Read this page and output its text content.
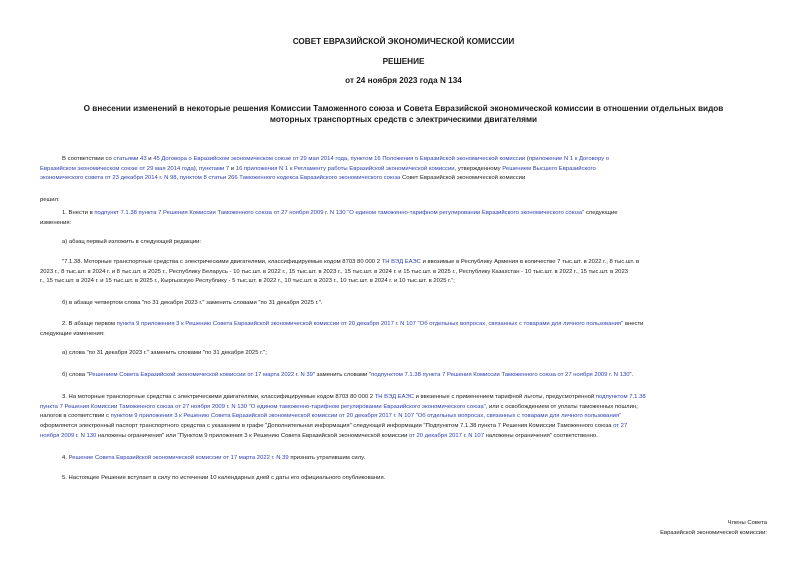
СОВЕТ ЕВРАЗИЙСКОЙ ЭКОНОМИЧЕСКОЙ КОМИССИИ
РЕШЕНИЕ
от 24 ноября 2023 года N 134
О внесении изменений в некоторые решения Комиссии Таможенного союза и Совета Евразийской экономической комиссии в отношении отдельных видов
моторных транспортных средств с электрическими двигателями

В соответствии со статьями 43 и 45 Договора о Евразийском экономическом союзе от 29 мая 2014 года, пунктом 16 Положения о Евразийской экономической комиссии (приложение N 1 к Договору о
Евразийском экономическом союзе от 29 мая 2014 года), пунктами 7 и 16 приложения N 1 к Регламенту работы Евразийской экономической комиссии, утвержденному Решением Высшего Евразийского
экономического совета от 23 декабря 2014 г. N 98, пунктом 8 статьи 266 Таможенного кодекса Евразийского экономического союза Совет Евразийской экономической комиссии

решил:

1. Внести в подпункт 7.1.38 пункта 7 Решения Комиссии Таможенного союза от 27 ноября 2009 г. N 130 "О едином таможенно-тарифном регулировании Евразийского экономического союза" следующие
изменения:

а) абзац первый изложить в следующей редакции:

"7.1.38. Моторные транспортные средства с электрическими двигателями, классифицируемые кодом 8703 80 000 2 ТН ВЭД ЕАЭС и ввозимые в Республику Армения в количестве 7 тыс.шт. в 2022 г., 8 тыс.шт. в
2023 г., 8 тыс.шт. в 2024 г. и 8 тыс.шт. в 2025 г., Республику Беларусь - 10 тыс.шт. в 2022 г., 15 тыс.шт. в 2023 г., 15 тыс.шт. в 2024 г. и 15 тыс.шт. в 2025 г., Республику Казахстан - 10 тыс.шт. в 2022 г., 15 тыс.шт. в 2023
г., 15 тыс.шт. в 2024 г. и 15 тыс.шт. в 2025 г., Кыргызскую Республику - 5 тыс.шт. в 2022 г., 10 тыс.шт. в 2023 г., 10 тыс.шт. в 2024 г. и 10 тыс.шт. в 2025 г.";

б) в абзаце четвертом слова "по 31 декабря 2023 г." заменить словами "по 31 декабря 2025 г.".

2. В абзаце первом пункта 9 приложения 3 к Решению Совета Евразийской экономической комиссии от 20 декабря 2017 г. N 107 "Об отдельных вопросах, связанных с товарами для личного пользования" внести
следующие изменения:

а) слова "по 31 декабря 2023 г." заменить словами "по 31 декабря 2025 г.";

б) слова "Решением Совета Евразийской экономической комиссии от 17 марта 2022 г. N 39" заменить словами "подпунктом 7.1.38 пункта 7 Решения Комиссии Таможенного союза от 27 ноября 2009 г. N 130".

3. На моторные транспортные средства с электрическими двигателями, классифицируемые кодом 8703 80 000 2 ТН ВЭД ЕАЭС и ввезенные с применением тарифной льготы, предусмотренной подпунктом 7.1.38
пункта 7 Решения Комиссии Таможенного союза от 27 ноября 2009 г. N 130 "О едином таможенно-тарифном регулировании Евразийского экономического союза", или с освобождением от уплаты таможенных пошлин,
налогов в соответствии с пунктом 9 приложения 3 к Решению Совета Евразийской экономической комиссии от 20 декабря 2017 г. N 107 "Об отдельных вопросах, связанных с товарами для личного пользования"
оформляется электронный паспорт транспортного средства с указанием в графе "Дополнительная информация" следующей информации "Подпунктом 7.1.38 пункта 7 Решения Комиссии Таможенного союза от 27
ноября 2009 г. N 130 наложены ограничения" или "Пунктом 9 приложения 3 к Решению Совета Евразийской экономической комиссии от 20 декабря 2017 г. N 107 наложены ограничения" соответственно.

4. Решение Совета Евразийской экономической комиссии от 17 марта 2022 г. N 39 признать утратившим силу.

5. Настоящее Решение вступает в силу по истечении 10 календарных дней с даты его официального опубликования.

Члены Совета
Евразийской экономической комиссии:
